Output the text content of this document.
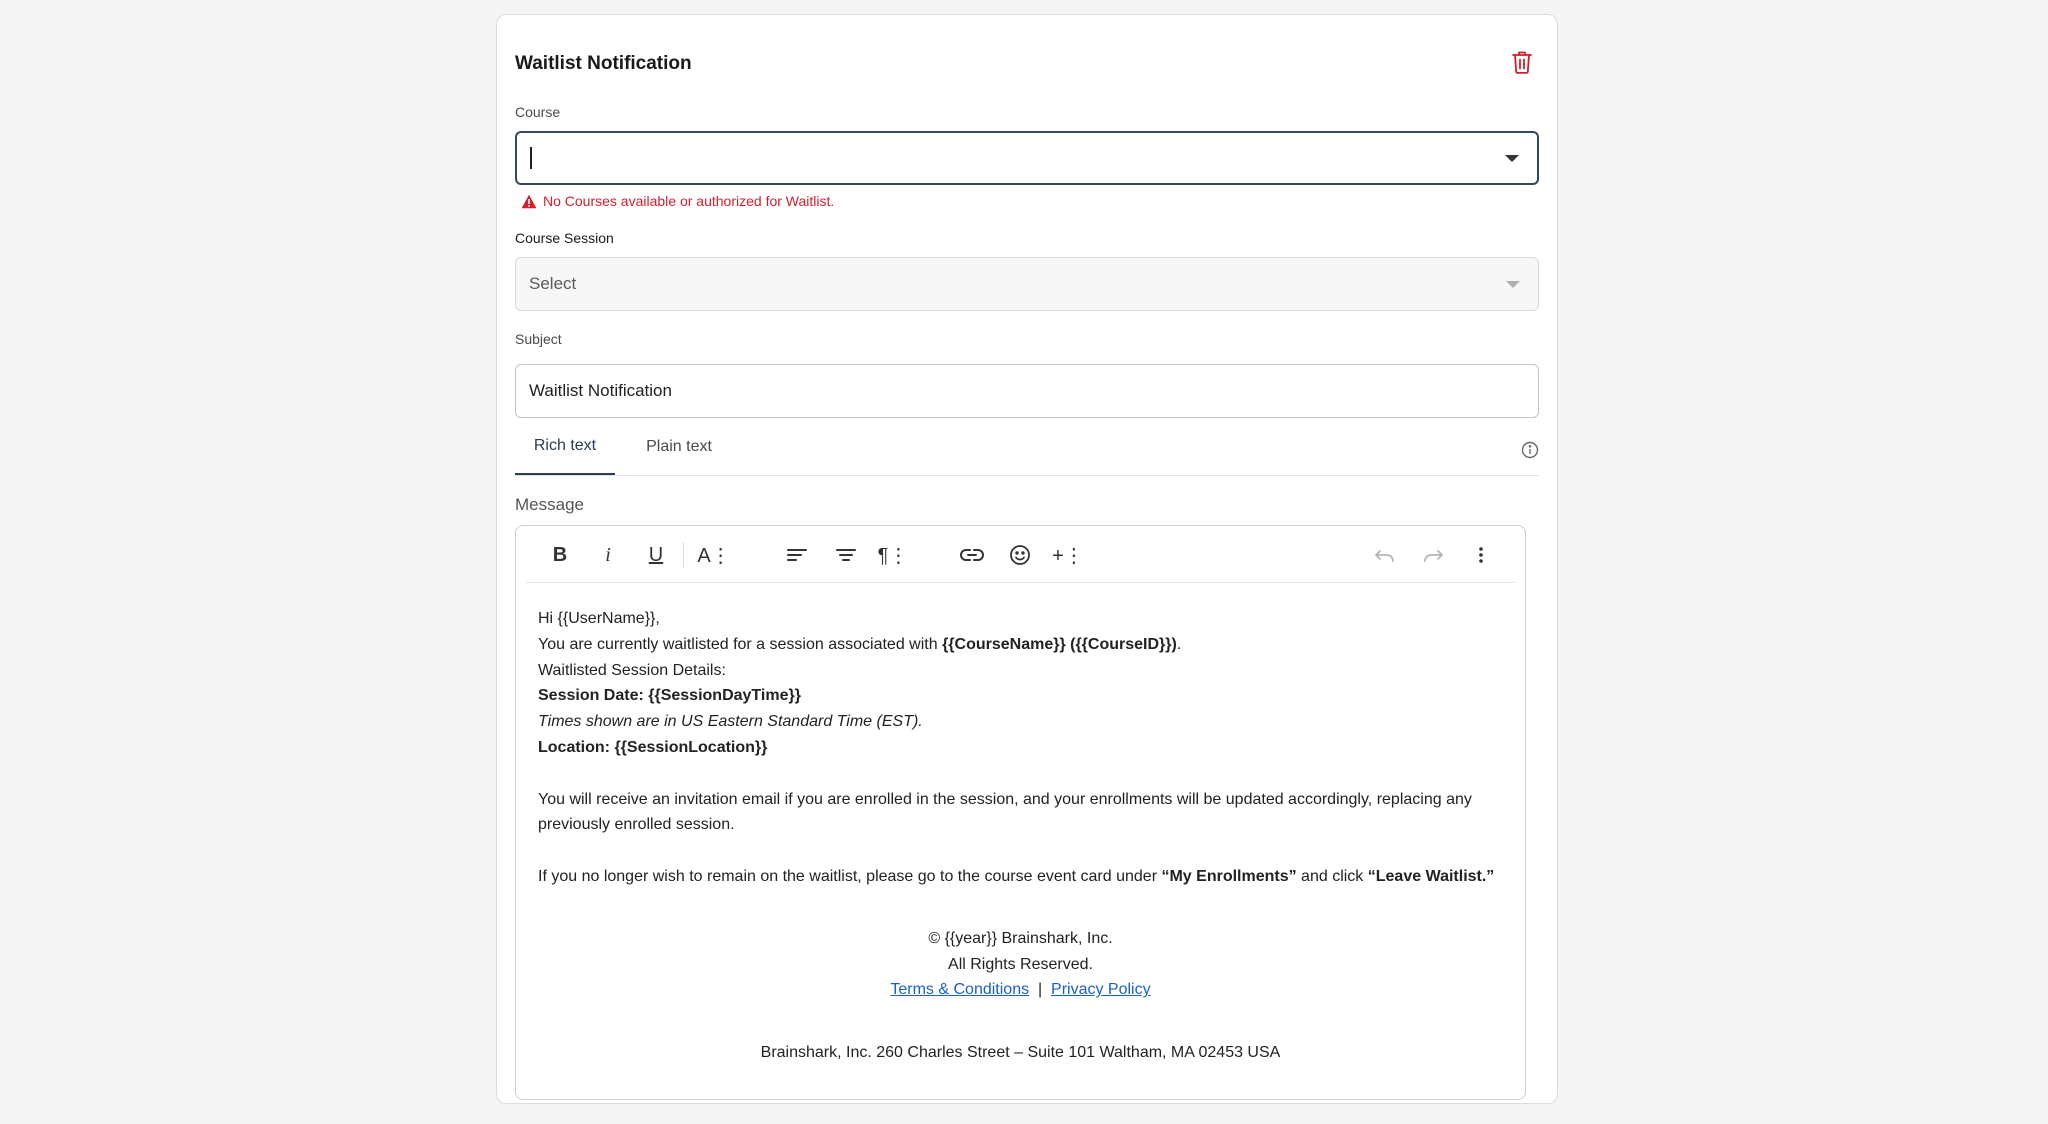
Waitlist Notification
Course
No Courses available or authorized for Waitlist.
Course Session
Select
Subject
Waitlist Notification
Rich text	Plain text
Message
B	i	U	A⋮	¶⋮	+⋮

Hi {{UserName}},

You are currently waitlisted for a session associated with {{CourseName}} ({{CourseID}}).

Waitlisted Session Details:

Session Date: {{SessionDayTime}}

Times shown are in US Eastern Standard Time (EST).

Location: {{SessionLocation}}

You will receive an invitation email if you are enrolled in the session, and your enrollments will be updated accordingly, replacing any previously enrolled session.

If you no longer wish to remain on the waitlist, please go to the course event card under “My Enrollments” and click “Leave Waitlist.”

© {{year}} Brainshark, Inc.

All Rights Reserved.

Terms & Conditions | Privacy Policy

Brainshark, Inc. 260 Charles Street – Suite 101 Waltham, MA 02453 USA
